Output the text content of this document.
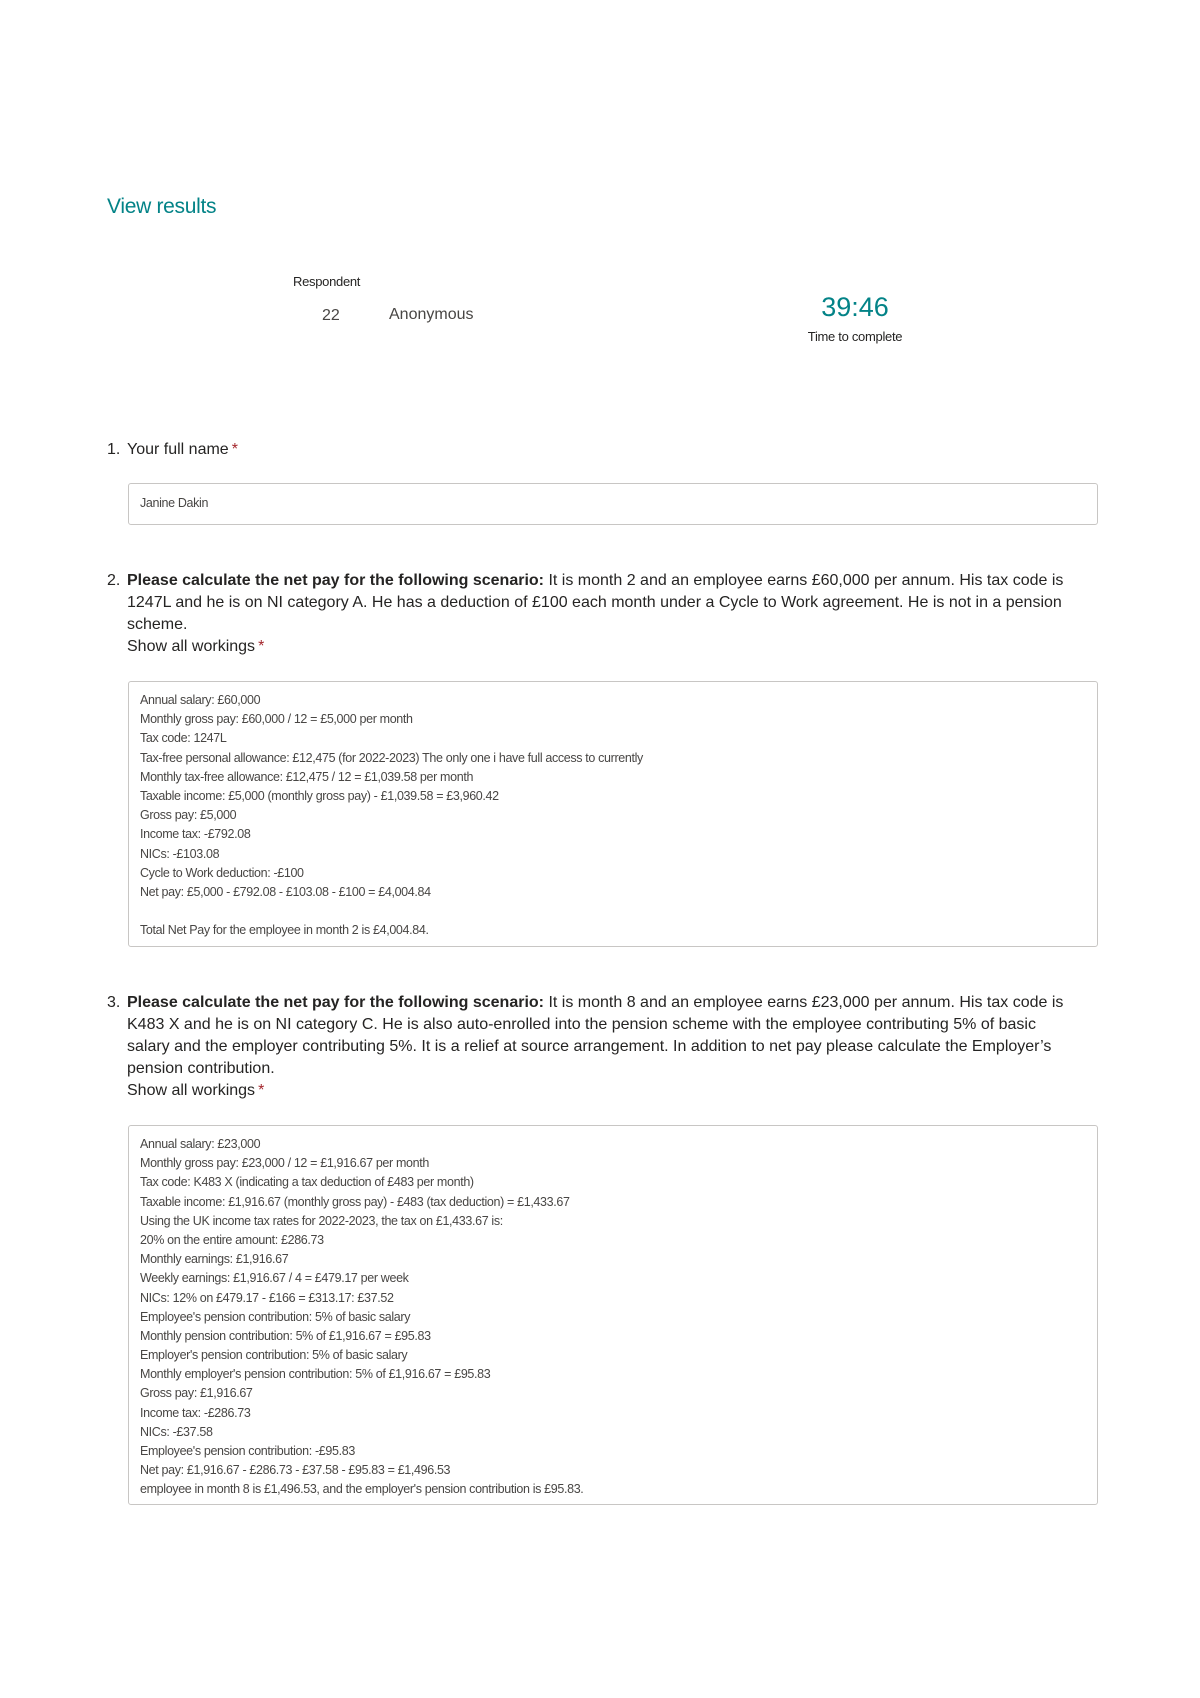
View results
Respondent
22	Anonymous	39:46
Time to complete
1. Your full name *
Janine Dakin
2. Please calculate the net pay for the following scenario: It is month 2 and an employee earns £60,000 per annum. His tax code is 1247L and he is on NI category A. He has a deduction of £100 each month under a Cycle to Work agreement. He is not in a pension scheme.
Show all workings *
Annual salary: £60,000
Monthly gross pay: £60,000 / 12 = £5,000 per month
Tax code: 1247L
Tax-free personal allowance: £12,475 (for 2022-2023) The only one i have full access to currently
Monthly tax-free allowance: £12,475 / 12 = £1,039.58 per month
Taxable income: £5,000 (monthly gross pay) - £1,039.58 = £3,960.42
Gross pay: £5,000
Income tax: -£792.08
NICs: -£103.08
Cycle to Work deduction: -£100
Net pay: £5,000 - £792.08 - £103.08 - £100 = £4,004.84
Total Net Pay for the employee in month 2 is £4,004.84.
3. Please calculate the net pay for the following scenario: It is month 8 and an employee earns £23,000 per annum. His tax code is K483 X and he is on NI category C. He is also auto-enrolled into the pension scheme with the employee contributing 5% of basic salary and the employer contributing 5%. It is a relief at source arrangement. In addition to net pay please calculate the Employer’s pension contribution.
Show all workings *
Annual salary: £23,000
Monthly gross pay: £23,000 / 12 = £1,916.67 per month
Tax code: K483 X (indicating a tax deduction of £483 per month)
Taxable income: £1,916.67 (monthly gross pay) - £483 (tax deduction) = £1,433.67
Using the UK income tax rates for 2022-2023, the tax on £1,433.67 is:
20% on the entire amount: £286.73
Monthly earnings: £1,916.67
Weekly earnings: £1,916.67 / 4 = £479.17 per week
NICs: 12% on £479.17 - £166 = £313.17: £37.52
Employee's pension contribution: 5% of basic salary
Monthly pension contribution: 5% of £1,916.67 = £95.83
Employer's pension contribution: 5% of basic salary
Monthly employer's pension contribution: 5% of £1,916.67 = £95.83
Gross pay: £1,916.67
Income tax: -£286.73
NICs: -£37.58
Employee's pension contribution: -£95.83
Net pay: £1,916.67 - £286.73 - £37.58 - £95.83 = £1,496.53
employee in month 8 is £1,496.53, and the employer's pension contribution is £95.83.
